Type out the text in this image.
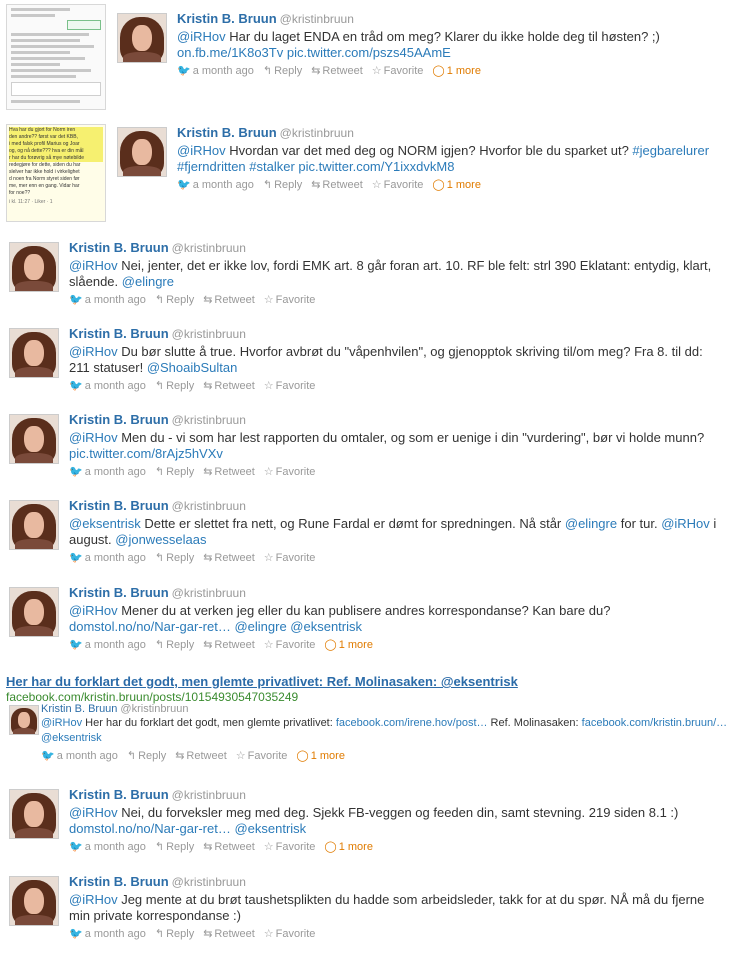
Hva har du gjort for Norm iren
den andre?? først var det KBB,
i med falsk profil Marius og Joar
og, og nå dette??? hva er din mål
r har du forøvrig så mye nøtebilde
redegjøre for dette, siden du har
slelver har ikke hold i virkelighet
d noen fra Norm styret siden før
me, mer enn en gang. Vidar har
for noe??
i kl. 11:27 · Liker · 1
Kristin B. Bruun @kristinbruun
@iRHov Har du laget ENDA en tråd om meg? Klarer du ikke holde deg til høsten? ;)
on.fb.me/1K8o3Tv pic.twitter.com/pszs45AAmE
🐦 a month ago ↰ Reply ⇆ Retweet ☆ Favorite ◯ 1 more
Kristin B. Bruun @kristinbruun
@iRHov Hvordan var det med deg og NORM igjen? Hvorfor ble du sparket ut? #jegbarelurer #fjerndritten #stalker pic.twitter.com/Y1ixxdvkM8
🐦 a month ago ↰ Reply ⇆ Retweet ☆ Favorite ◯ 1 more
Kristin B. Bruun @kristinbruun
@iRHov Nei, jenter, det er ikke lov, fordi EMK art. 8 går foran art. 10. RF ble felt: strl 390 Eklatant: entydig, klart, slående. @elingre
🐦 a month ago ↰ Reply ⇆ Retweet ☆ Favorite
Kristin B. Bruun @kristinbruun
@iRHov Du bør slutte å true. Hvorfor avbrøt du "våpenhvilen", og gjenopptok skriving til/om meg? Fra 8. til dd: 211 statuser! @ShoaibSultan
🐦 a month ago ↰ Reply ⇆ Retweet ☆ Favorite
Kristin B. Bruun @kristinbruun
@iRHov Men du - vi som har lest rapporten du omtaler, og som er uenige i din "vurdering", bør vi holde munn? pic.twitter.com/8rAjz5hVXv
🐦 a month ago ↰ Reply ⇆ Retweet ☆ Favorite
Kristin B. Bruun @kristinbruun
@eksentrisk Dette er slettet fra nett, og Rune Fardal er dømt for spredningen. Nå står @elingre for tur. @iRHov i august. @jonwesselaas
🐦 a month ago ↰ Reply ⇆ Retweet ☆ Favorite
Kristin B. Bruun @kristinbruun
@iRHov Mener du at verken jeg eller du kan publisere andres korrespondanse? Kan bare du? domstol.no/no/Nar-gar-ret… @elingre @eksentrisk
🐦 a month ago ↰ Reply ⇆ Retweet ☆ Favorite ◯ 1 more
Kristin B. Bruun @kristinbruun
@iRHov Nei, du forveksler meg med deg. Sjekk FB-veggen og feeden din, samt stevning. 219 siden 8.1 :) domstol.no/no/Nar-gar-ret… @eksentrisk
🐦 a month ago ↰ Reply ⇆ Retweet ☆ Favorite ◯ 1 more
Kristin B. Bruun @kristinbruun
@iRHov Jeg mente at du brøt taushetsplikten du hadde som arbeidsleder, takk for at du spør. NÅ må du fjerne min private korrespondanse :)
🐦 a month ago ↰ Reply ⇆ Retweet ☆ Favorite
Her har du forklart det godt, men glemte privatlivet: Ref. Molinasaken: @eksentrisk
facebook.com/kristin.bruun/posts/10154930547035249
Kristin B. Bruun @kristinbruun
@iRHov Her har du forklart det godt, men glemte privatlivet: facebook.com/irene.hov/post… Ref. Molinasaken: facebook.com/kristin.bruun/… @eksentrisk
🐦 a month ago ↰ Reply ⇆ Retweet ☆ Favorite ◯ 1 more
